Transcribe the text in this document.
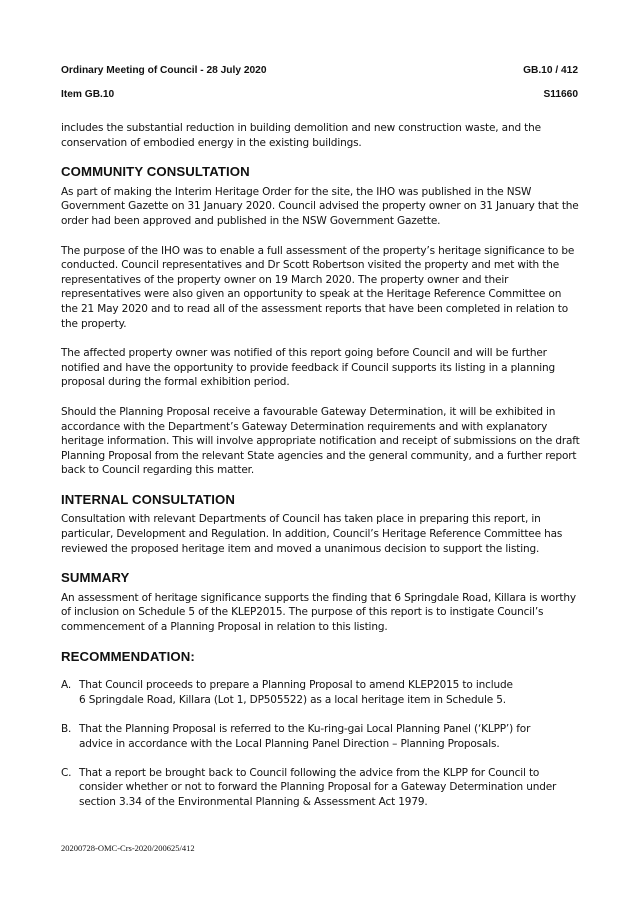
Ordinary Meeting of Council - 28 July 2020	GB.10 / 412
Item GB.10	S11660

includes the substantial reduction in building demolition and new construction waste, and the conservation of embodied energy in the existing buildings.

COMMUNITY CONSULTATION

As part of making the Interim Heritage Order for the site, the IHO was published in the NSW Government Gazette on 31 January 2020. Council advised the property owner on 31 January that the order had been approved and published in the NSW Government Gazette.

The purpose of the IHO was to enable a full assessment of the property’s heritage significance to be conducted. Council representatives and Dr Scott Robertson visited the property and met with the representatives of the property owner on 19 March 2020. The property owner and their representatives were also given an opportunity to speak at the Heritage Reference Committee on the 21 May 2020 and to read all of the assessment reports that have been completed in relation to the property.

The affected property owner was notified of this report going before Council and will be further notified and have the opportunity to provide feedback if Council supports its listing in a planning proposal during the formal exhibition period.

Should the Planning Proposal receive a favourable Gateway Determination, it will be exhibited in accordance with the Department’s Gateway Determination requirements and with explanatory heritage information. This will involve appropriate notification and receipt of submissions on the draft Planning Proposal from the relevant State agencies and the general community, and a further report back to Council regarding this matter.

INTERNAL CONSULTATION

Consultation with relevant Departments of Council has taken place in preparing this report, in particular, Development and Regulation. In addition, Council’s Heritage Reference Committee has reviewed the proposed heritage item and moved a unanimous decision to support the listing.

SUMMARY

An assessment of heritage significance supports the finding that 6 Springdale Road, Killara is worthy of inclusion on Schedule 5 of the KLEP2015. The purpose of this report is to instigate Council’s commencement of a Planning Proposal in relation to this listing.

RECOMMENDATION:
A. That Council proceeds to prepare a Planning Proposal to amend KLEP2015 to include
6 Springdale Road, Killara (Lot 1, DP505522) as a local heritage item in Schedule 5.
B. That the Planning Proposal is referred to the Ku-ring-gai Local Planning Panel (‘KLPP’) for
advice in accordance with the Local Planning Panel Direction – Planning Proposals.
C. That a report be brought back to Council following the advice from the KLPP for Council to consider whether or not to forward the Planning Proposal for a Gateway Determination under section 3.34 of the Environmental Planning & Assessment Act 1979.
20200728-OMC-Crs-2020/200625/412
